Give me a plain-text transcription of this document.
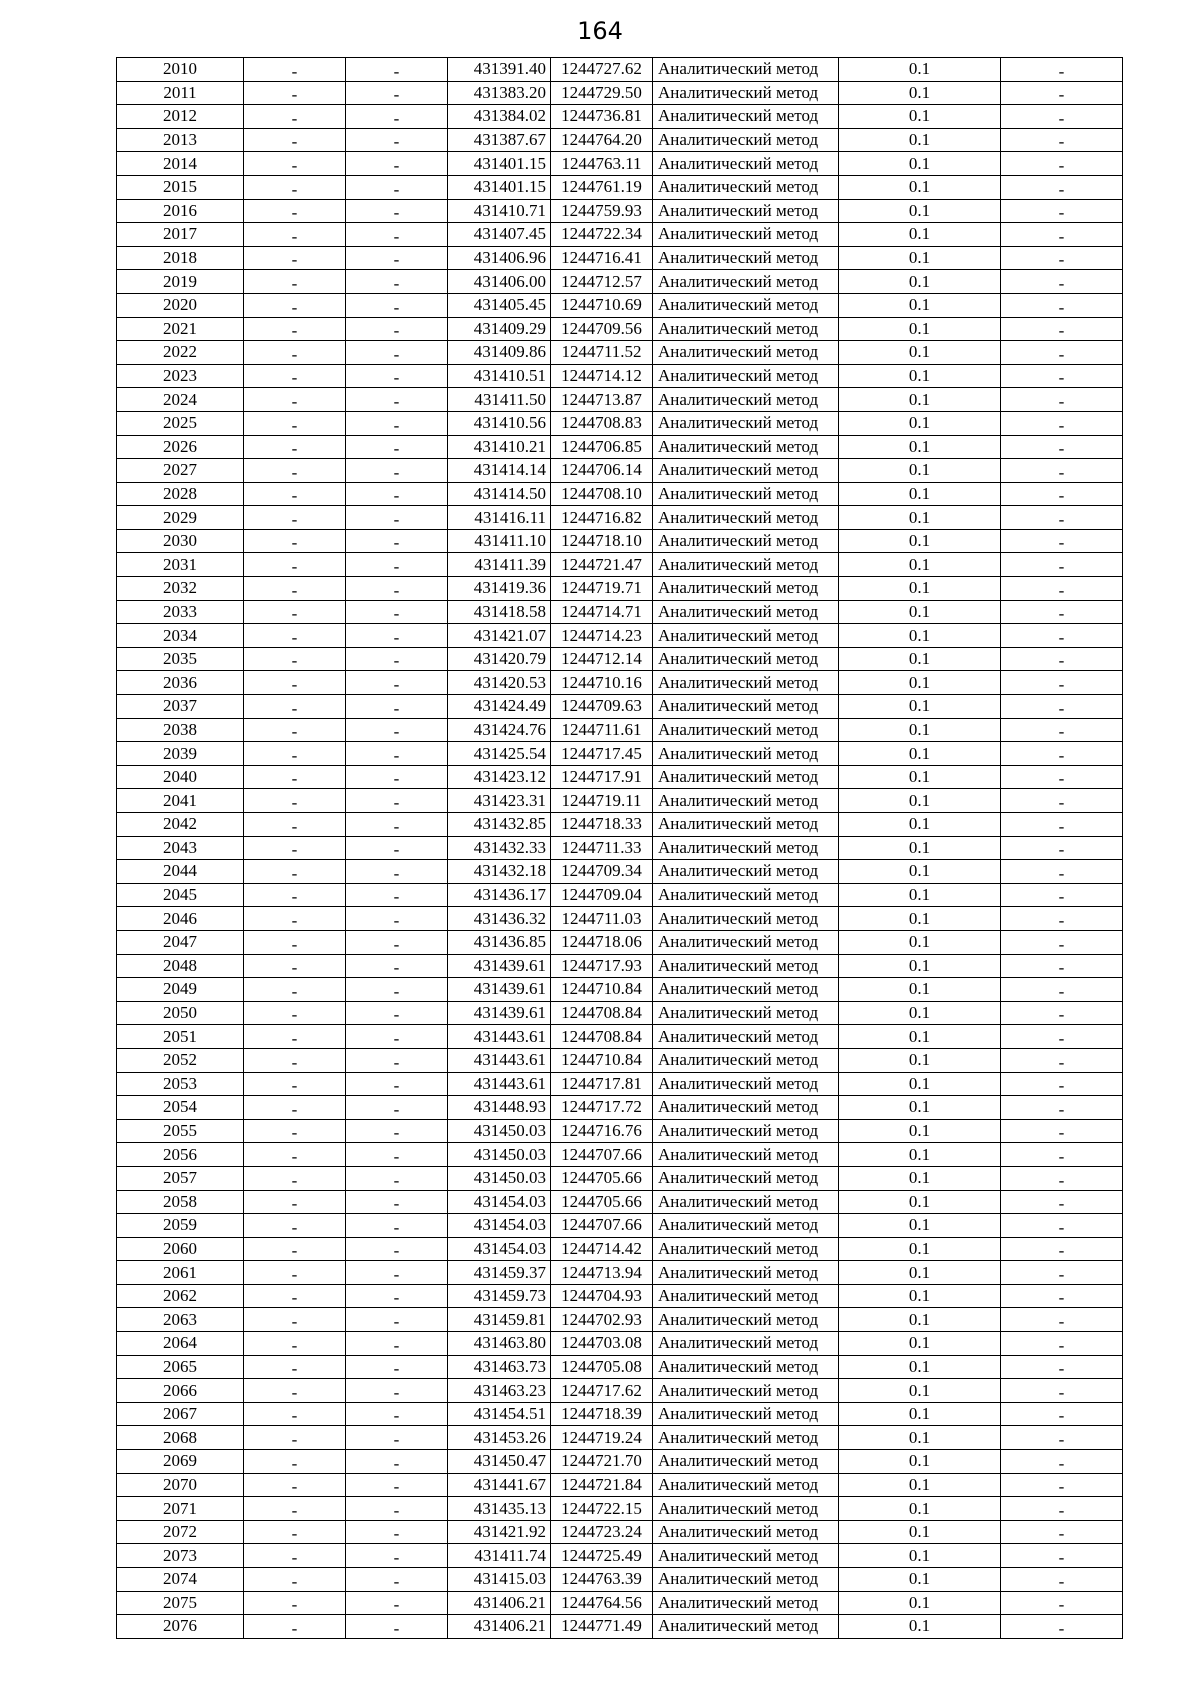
164
2010	-	-	431391.40	1244727.62	Аналитический метод	0.1	-
2011	-	-	431383.20	1244729.50	Аналитический метод	0.1	-
2012	-	-	431384.02	1244736.81	Аналитический метод	0.1	-
2013	-	-	431387.67	1244764.20	Аналитический метод	0.1	-
2014	-	-	431401.15	1244763.11	Аналитический метод	0.1	-
2015	-	-	431401.15	1244761.19	Аналитический метод	0.1	-
2016	-	-	431410.71	1244759.93	Аналитический метод	0.1	-
2017	-	-	431407.45	1244722.34	Аналитический метод	0.1	-
2018	-	-	431406.96	1244716.41	Аналитический метод	0.1	-
2019	-	-	431406.00	1244712.57	Аналитический метод	0.1	-
2020	-	-	431405.45	1244710.69	Аналитический метод	0.1	-
2021	-	-	431409.29	1244709.56	Аналитический метод	0.1	-
2022	-	-	431409.86	1244711.52	Аналитический метод	0.1	-
2023	-	-	431410.51	1244714.12	Аналитический метод	0.1	-
2024	-	-	431411.50	1244713.87	Аналитический метод	0.1	-
2025	-	-	431410.56	1244708.83	Аналитический метод	0.1	-
2026	-	-	431410.21	1244706.85	Аналитический метод	0.1	-
2027	-	-	431414.14	1244706.14	Аналитический метод	0.1	-
2028	-	-	431414.50	1244708.10	Аналитический метод	0.1	-
2029	-	-	431416.11	1244716.82	Аналитический метод	0.1	-
2030	-	-	431411.10	1244718.10	Аналитический метод	0.1	-
2031	-	-	431411.39	1244721.47	Аналитический метод	0.1	-
2032	-	-	431419.36	1244719.71	Аналитический метод	0.1	-
2033	-	-	431418.58	1244714.71	Аналитический метод	0.1	-
2034	-	-	431421.07	1244714.23	Аналитический метод	0.1	-
2035	-	-	431420.79	1244712.14	Аналитический метод	0.1	-
2036	-	-	431420.53	1244710.16	Аналитический метод	0.1	-
2037	-	-	431424.49	1244709.63	Аналитический метод	0.1	-
2038	-	-	431424.76	1244711.61	Аналитический метод	0.1	-
2039	-	-	431425.54	1244717.45	Аналитический метод	0.1	-
2040	-	-	431423.12	1244717.91	Аналитический метод	0.1	-
2041	-	-	431423.31	1244719.11	Аналитический метод	0.1	-
2042	-	-	431432.85	1244718.33	Аналитический метод	0.1	-
2043	-	-	431432.33	1244711.33	Аналитический метод	0.1	-
2044	-	-	431432.18	1244709.34	Аналитический метод	0.1	-
2045	-	-	431436.17	1244709.04	Аналитический метод	0.1	-
2046	-	-	431436.32	1244711.03	Аналитический метод	0.1	-
2047	-	-	431436.85	1244718.06	Аналитический метод	0.1	-
2048	-	-	431439.61	1244717.93	Аналитический метод	0.1	-
2049	-	-	431439.61	1244710.84	Аналитический метод	0.1	-
2050	-	-	431439.61	1244708.84	Аналитический метод	0.1	-
2051	-	-	431443.61	1244708.84	Аналитический метод	0.1	-
2052	-	-	431443.61	1244710.84	Аналитический метод	0.1	-
2053	-	-	431443.61	1244717.81	Аналитический метод	0.1	-
2054	-	-	431448.93	1244717.72	Аналитический метод	0.1	-
2055	-	-	431450.03	1244716.76	Аналитический метод	0.1	-
2056	-	-	431450.03	1244707.66	Аналитический метод	0.1	-
2057	-	-	431450.03	1244705.66	Аналитический метод	0.1	-
2058	-	-	431454.03	1244705.66	Аналитический метод	0.1	-
2059	-	-	431454.03	1244707.66	Аналитический метод	0.1	-
2060	-	-	431454.03	1244714.42	Аналитический метод	0.1	-
2061	-	-	431459.37	1244713.94	Аналитический метод	0.1	-
2062	-	-	431459.73	1244704.93	Аналитический метод	0.1	-
2063	-	-	431459.81	1244702.93	Аналитический метод	0.1	-
2064	-	-	431463.80	1244703.08	Аналитический метод	0.1	-
2065	-	-	431463.73	1244705.08	Аналитический метод	0.1	-
2066	-	-	431463.23	1244717.62	Аналитический метод	0.1	-
2067	-	-	431454.51	1244718.39	Аналитический метод	0.1	-
2068	-	-	431453.26	1244719.24	Аналитический метод	0.1	-
2069	-	-	431450.47	1244721.70	Аналитический метод	0.1	-
2070	-	-	431441.67	1244721.84	Аналитический метод	0.1	-
2071	-	-	431435.13	1244722.15	Аналитический метод	0.1	-
2072	-	-	431421.92	1244723.24	Аналитический метод	0.1	-
2073	-	-	431411.74	1244725.49	Аналитический метод	0.1	-
2074	-	-	431415.03	1244763.39	Аналитический метод	0.1	-
2075	-	-	431406.21	1244764.56	Аналитический метод	0.1	-
2076	-	-	431406.21	1244771.49	Аналитический метод	0.1	-
